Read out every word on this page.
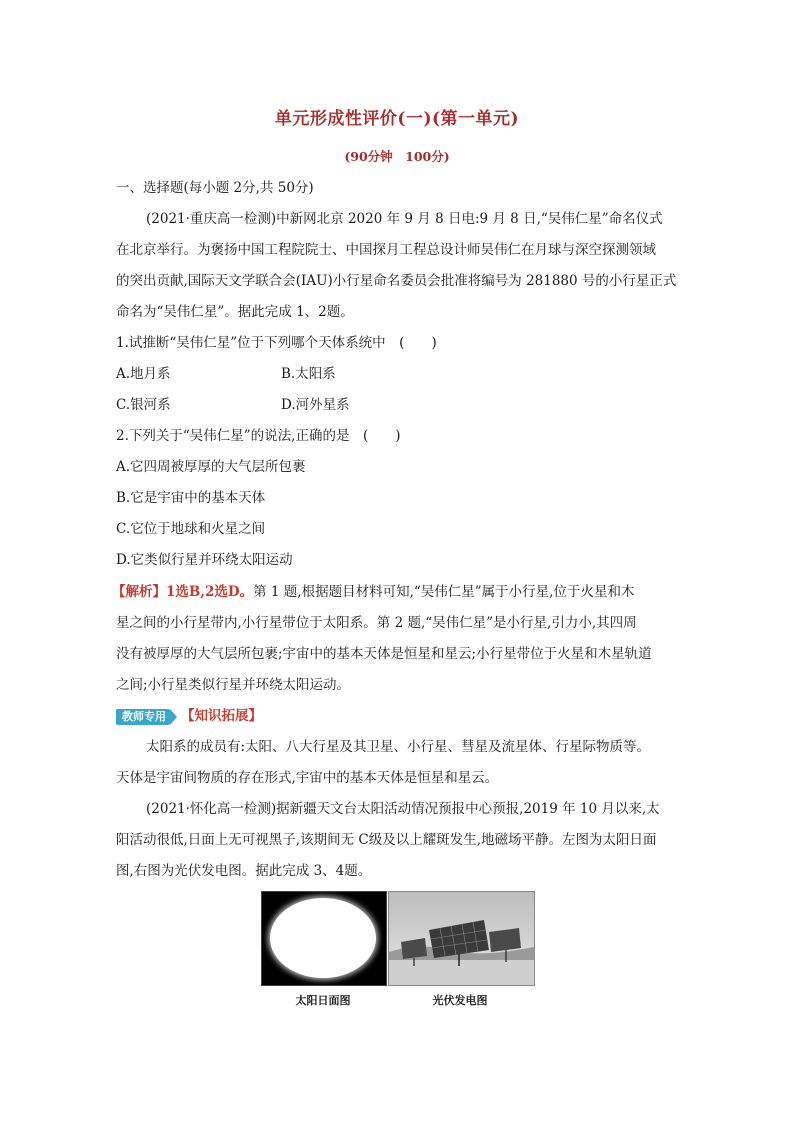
单元形成性评价(一)(第一单元)
(90分钟　100分)
一、选择题(每小题 2分,共 50分)
(2021·重庆高一检测)中新网北京 2020 年 9 月 8 日电:9 月 8 日,“吴伟仁星”命名仪式
在北京举行。为褒扬中国工程院院士、中国探月工程总设计师吴伟仁在月球与深空探测领域
的突出贡献,国际天文学联合会(IAU)小行星命名委员会批准将编号为 281880 号的小行星正式
命名为“吴伟仁星”。据此完成 1、2题。
1.试推断“吴伟仁星”位于下列哪个天体系统中　(　　)
A.地月系	B.太阳系
C.银河系	D.河外星系
2.下列关于“吴伟仁星”的说法,正确的是　(　　)
A.它四周被厚厚的大气层所包裹
B.它是宇宙中的基本天体
C.它位于地球和火星之间
D.它类似行星并环绕太阳运动
【解析】1选B,2选D。第 1 题,根据题目材料可知,“吴伟仁星”属于小行星,位于火星和木
星之间的小行星带内,小行星带位于太阳系。第 2 题,“吴伟仁星”是小行星,引力小,其四周
没有被厚厚的大气层所包裹;宇宙中的基本天体是恒星和星云;小行星带位于火星和木星轨道
之间;小行星类似行星并环绕太阳运动。
教师专用 【知识拓展】
太阳系的成员有:太阳、八大行星及其卫星、小行星、彗星及流星体、行星际物质等。
天体是宇宙间物质的存在形式,宇宙中的基本天体是恒星和星云。
(2021·怀化高一检测)据新疆天文台太阳活动情况预报中心预报,2019 年 10 月以来,太
阳活动很低,日面上无可视黑子,该期间无 C级及以上耀斑发生,地磁场平静。左图为太阳日面
图,右图为光伏发电图。据此完成 3、4题。
太阳日面图	光伏发电图
